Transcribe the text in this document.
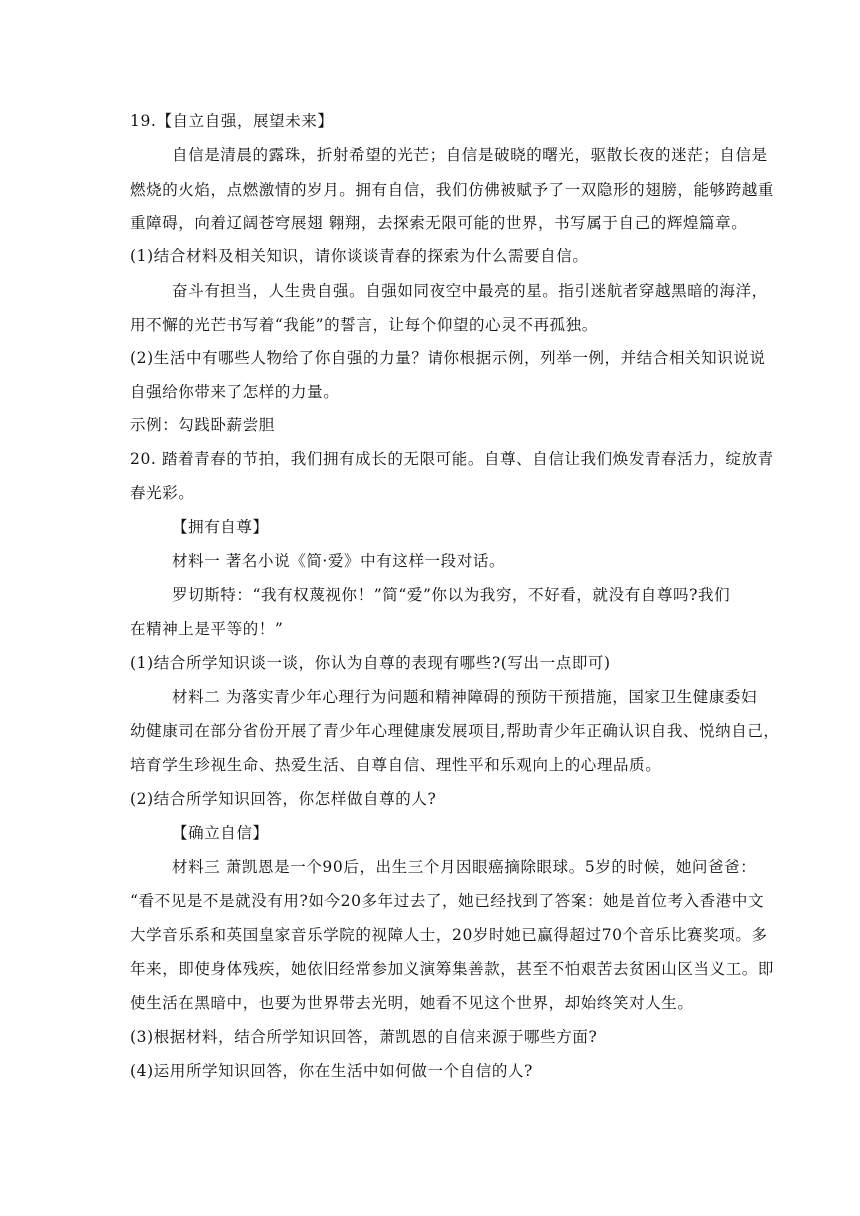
19.【自立自强，展望未来】
自信是清晨的露珠，折射希望的光芒；自信是破晓的曙光，驱散长夜的迷茫；自信是
燃烧的火焰，点燃激情的岁月。拥有自信，我们仿佛被赋予了一双隐形的翅膀，能够跨越重
重障碍，向着辽阔苍穹展翅 翱翔，去探索无限可能的世界，书写属于自己的辉煌篇章。
(1)结合材料及相关知识，请你谈谈青春的探索为什么需要自信。
奋斗有担当，人生贵自强。自强如同夜空中最亮的星。指引迷航者穿越黑暗的海洋，
用不懈的光芒书写着“我能”的誓言，让每个仰望的心灵不再孤独。
(2)生活中有哪些人物给了你自强的力量？请你根据示例，列举一例，并结合相关知识说说
自强给你带来了怎样的力量。
示例：勾践卧薪尝胆
20. 踏着青春的节拍，我们拥有成长的无限可能。自尊、自信让我们焕发青春活力，绽放青
春光彩。
【拥有自尊】
材料一 著名小说《简·爱》中有这样一段对话。
罗切斯特：“我有权蔑视你！”简“爱”你以为我穷，不好看，就没有自尊吗?我们
在精神上是平等的！”
(1)结合所学知识谈一谈，你认为自尊的表现有哪些?(写出一点即可)
材料二 为落实青少年心理行为问题和精神障碍的预防干预措施，国家卫生健康委妇
幼健康司在部分省份开展了青少年心理健康发展项目,帮助青少年正确认识自我、悦纳自己，
培育学生珍视生命、热爱生活、自尊自信、理性平和乐观向上的心理品质。
(2)结合所学知识回答，你怎样做自尊的人?
【确立自信】
材料三 萧凯恩是一个90后，出生三个月因眼癌摘除眼球。5岁的时候，她问爸爸：
“看不见是不是就没有用?如今20多年过去了，她已经找到了答案：她是首位考入香港中文
大学音乐系和英国皇家音乐学院的视障人士，20岁时她已赢得超过70个音乐比赛奖项。多
年来，即使身体残疾，她依旧经常参加义演筹集善款，甚至不怕艰苦去贫困山区当义工。即
使生活在黑暗中，也要为世界带去光明，她看不见这个世界，却始终笑对人生。
(3)根据材料，结合所学知识回答，萧凯恩的自信来源于哪些方面?
(4)运用所学知识回答，你在生活中如何做一个自信的人?
